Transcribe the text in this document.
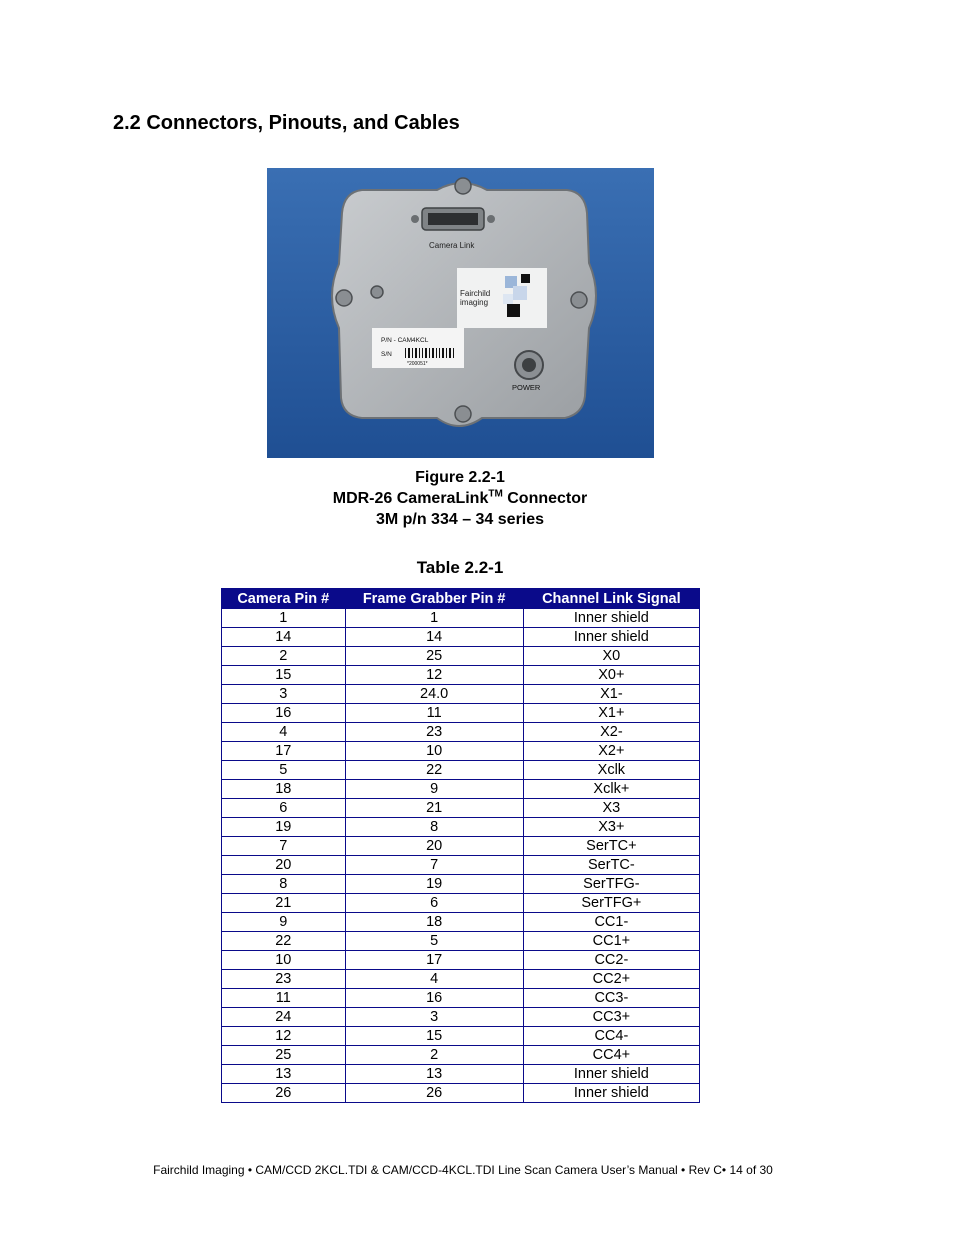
2.2 Connectors, Pinouts, and Cables
Camera Link
Fairchild
imaging
P/N - CAM4KCL
S/N
*200051*
POWER
Figure 2.2-1
MDR-26 CameraLink™ Connector
3M p/n 334 – 34 series
Table 2.2-1
Camera Pin #	Frame Grabber Pin #	Channel Link Signal
1	1	Inner shield
14	14	Inner shield
2	25	X0
15	12	X0+
3	24.0	X1-
16	11	X1+
4	23	X2-
17	10	X2+
5	22	Xclk
18	9	Xclk+
6	21	X3
19	8	X3+
7	20	SerTC+
20	7	SerTC-
8	19	SerTFG-
21	6	SerTFG+
9	18	CC1-
22	5	CC1+
10	17	CC2-
23	4	CC2+
11	16	CC3-
24	3	CC3+
12	15	CC4-
25	2	CC4+
13	13	Inner shield
26	26	Inner shield
Fairchild Imaging • CAM/CCD 2KCL.TDI & CAM/CCD-4KCL.TDI Line Scan Camera User’s Manual • Rev C• 14 of 30
